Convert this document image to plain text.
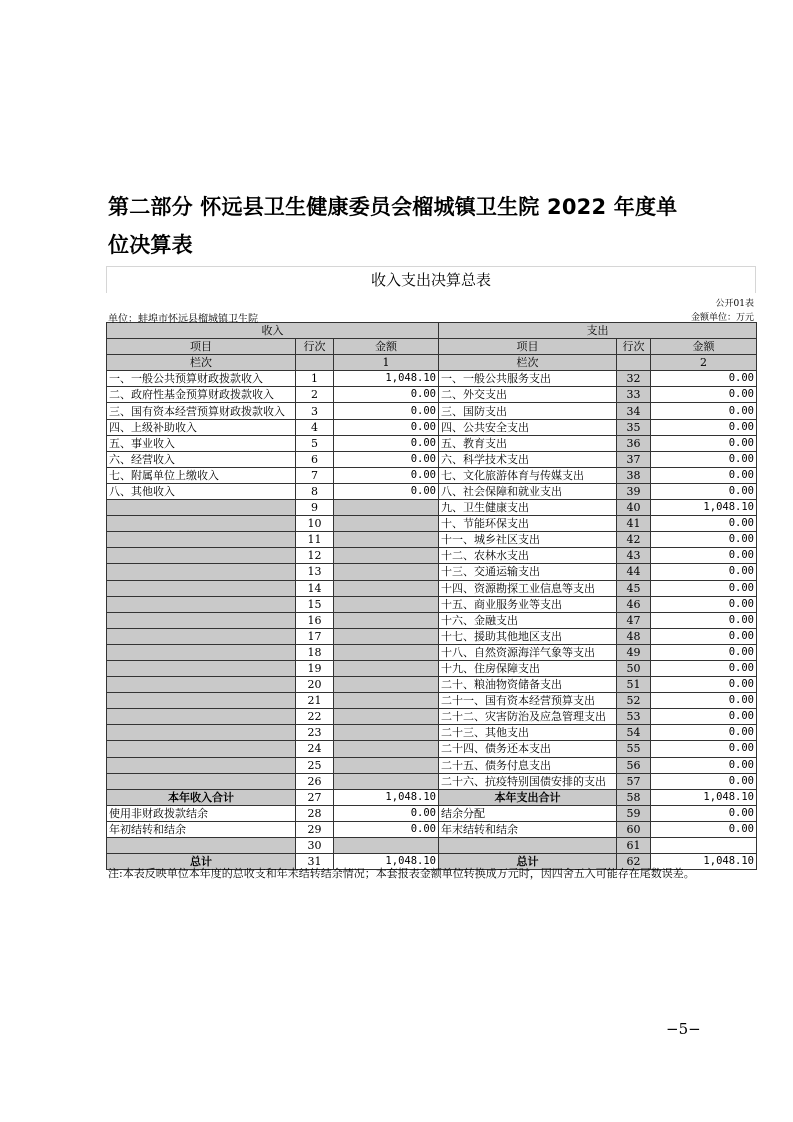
第二部分 怀远县卫生健康委员会榴城镇卫生院 2022 年度单
位决算表
收入支出决算总表
公开01表
单位：蚌埠市怀远县榴城镇卫生院	金额单位：万元
收入			支出		
项目	行次	金额	项目	行次	金额
栏次		1	栏次		2
一、一般公共预算财政拨款收入	1	1,048.10	一、一般公共服务支出	32	0.00
二、政府性基金预算财政拨款收入	2	0.00	二、外交支出	33	0.00
三、国有资本经营预算财政拨款收入	3	0.00	三、国防支出	34	0.00
四、上级补助收入	4	0.00	四、公共安全支出	35	0.00
五、事业收入	5	0.00	五、教育支出	36	0.00
六、经营收入	6	0.00	六、科学技术支出	37	0.00
七、附属单位上缴收入	7	0.00	七、文化旅游体育与传媒支出	38	0.00
八、其他收入	8	0.00	八、社会保障和就业支出	39	0.00
	9		九、卫生健康支出	40	1,048.10
	10		十、节能环保支出	41	0.00
	11		十一、城乡社区支出	42	0.00
	12		十二、农林水支出	43	0.00
	13		十三、交通运输支出	44	0.00
	14		十四、资源勘探工业信息等支出	45	0.00
	15		十五、商业服务业等支出	46	0.00
	16		十六、金融支出	47	0.00
	17		十七、援助其他地区支出	48	0.00
	18		十八、自然资源海洋气象等支出	49	0.00
	19		十九、住房保障支出	50	0.00
	20		二十、粮油物资储备支出	51	0.00
	21		二十一、国有资本经营预算支出	52	0.00
	22		二十二、灾害防治及应急管理支出	53	0.00
	23		二十三、其他支出	54	0.00
	24		二十四、债务还本支出	55	0.00
	25		二十五、债务付息支出	56	0.00
	26		二十六、抗疫特别国债安排的支出	57	0.00
本年收入合计	27	1,048.10	本年支出合计	58	1,048.10
使用非财政拨款结余	28	0.00	结余分配	59	0.00
年初结转和结余	29	0.00	年末结转和结余	60	0.00
	30			61	
总计	31	1,048.10	总计	62	1,048.10
注:本表反映单位本年度的总收支和年末结转结余情况；本套报表金额单位转换成万元时，因四舍五入可能存在尾数误差。
−5−
